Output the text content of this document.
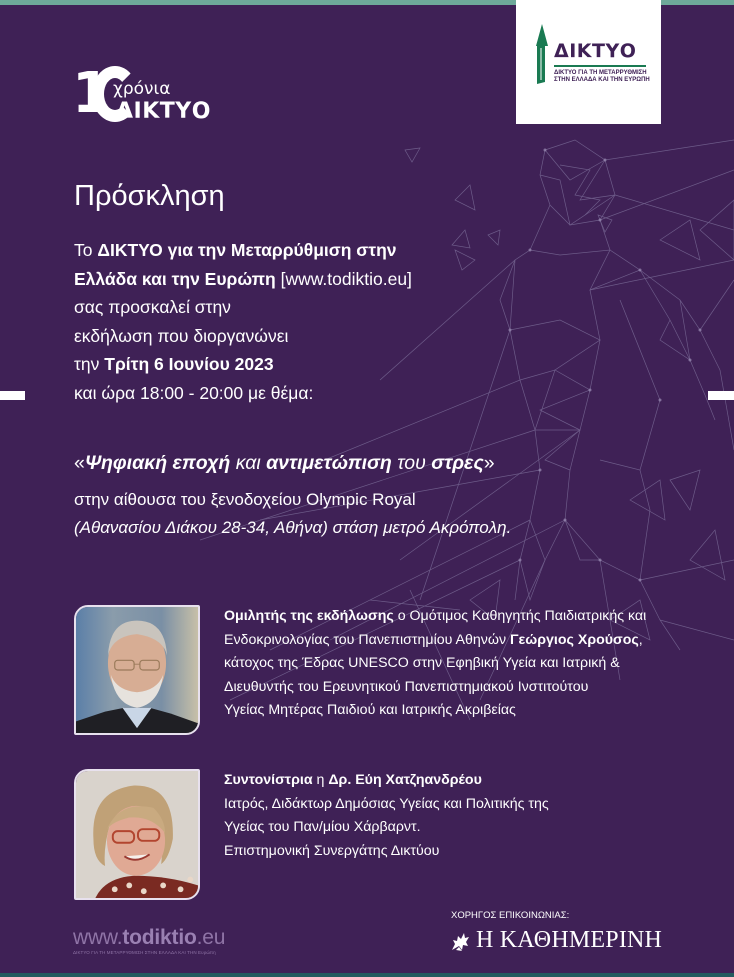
1 χρόνια
ΔΙΚΤΥΟ
ΔΙΚΤΥΟ
ΔΙΚΤΥΟ ΓΙΑ ΤΗ ΜΕΤΑΡΡΥΘΜΙΣΗ
ΣΤΗΝ ΕΛΛΑΔΑ ΚΑΙ ΤΗΝ ΕΥΡΩΠΗ
Πρόσκληση
Το ΔΙΚΤΥΟ για την Μεταρρύθμιση στην
Ελλάδα και την Ευρώπη [www.todiktio.eu]
σας προσκαλεί στην
εκδήλωση που διοργανώνει
την Τρίτη 6 Ιουνίου 2023
και ώρα 18:00 - 20:00 με θέμα:
«Ψηφιακή εποχή και αντιμετώπιση του στρες»
στην αίθουσα του ξενοδοχείου Olympic Royal
(Αθανασίου Διάκου 28-34, Αθήνα) στάση μετρό Ακρόπολη.
Ομιλητής της εκδήλωσης ο Ομότιμος Καθηγητής Παιδιατρικής και
Ενδοκρινολογίας του Πανεπιστημίου Αθηνών Γεώργιος Χρούσος,
κάτοχος της Έδρας UNESCO στην Εφηβική Υγεία και Ιατρική &
Διευθυντής του Ερευνητικού Πανεπιστημιακού Ινστιτούτου
Υγείας Μητέρας Παιδιού και Ιατρικής Ακριβείας
Συντονίστρια η Δρ. Εύη Χατζηανδρέου
Ιατρός, Διδάκτωρ Δημόσιας Υγείας και Πολιτικής της
Υγείας του Παν/μίου Χάρβαρντ.
Επιστημονική Συνεργάτης Δικτύου
www.todiktio.eu
ΔΙΚΤΥΟ ΓΙΑ ΤΗ ΜΕΤΑΡΡΥΘΜΙΣΗ ΣΤΗΝ ΕΛΛΑΔΑ ΚΑΙ ΤΗΝ Ευρώπη
ΧΟΡΗΓΟΣ ΕΠΙΚΟΙΝΩΝΙΑΣ:
Η ΚΑΘΗΜΕΡΙΝΗ
